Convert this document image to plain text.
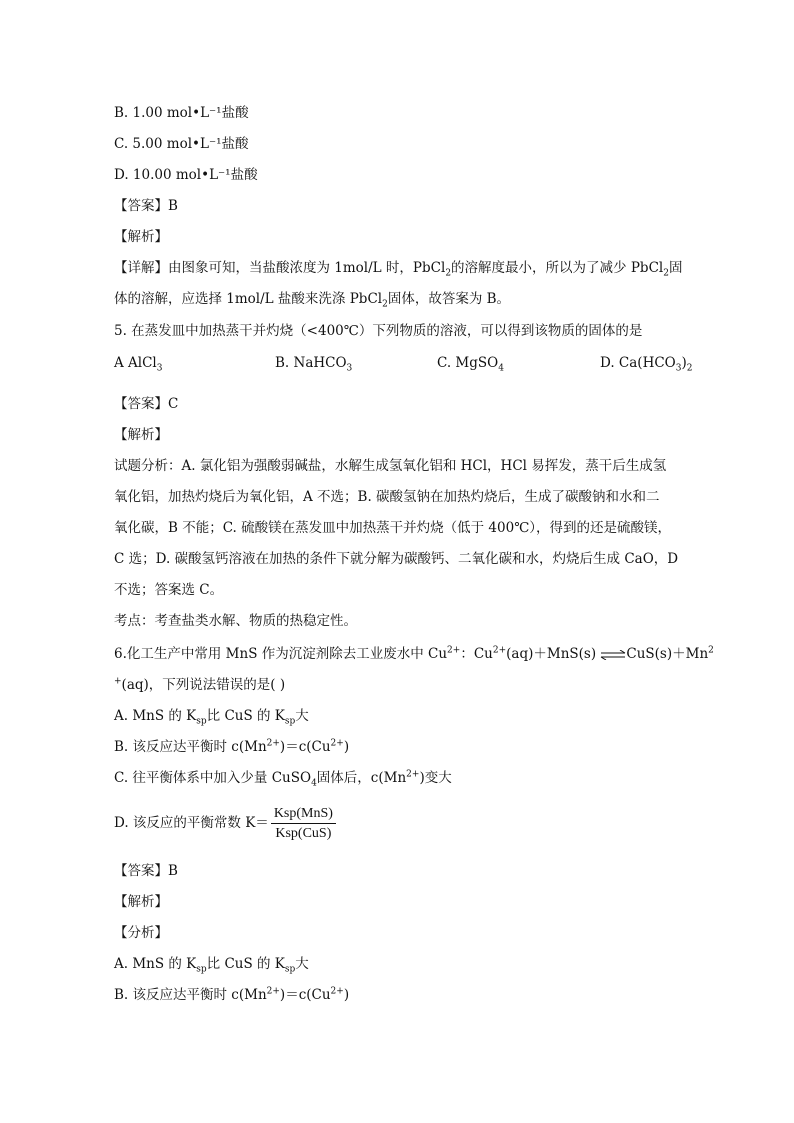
B. 1.00 mol•L⁻¹盐酸
C. 5.00 mol•L⁻¹盐酸
D. 10.00 mol•L⁻¹盐酸
【答案】B
【解析】
【详解】由图象可知，当盐酸浓度为 1mol/L 时，PbCl$_2$的溶解度最小，所以为了减少 PbCl$_2$固
体的溶解，应选择 1mol/L 盐酸来洗涤 PbCl$_2$固体，故答案为 B。
5. 在蒸发皿中加热蒸干并灼烧（<400℃）下列物质的溶液，可以得到该物质的固体的是
A AlCl$_3$	B. NaHCO$_3$	C. MgSO$_4$	D. $Ca(HCO_3)_2$
【答案】C
【解析】
试题分析：A. 氯化铝为强酸弱碱盐，水解生成氢氧化铝和 HCl，HCl 易挥发，蒸干后生成氢
氧化铝，加热灼烧后为氧化铝，A 不选；B. 碳酸氢钠在加热灼烧后，生成了碳酸钠和水和二
氧化碳，B 不能；C. 硫酸镁在蒸发皿中加热蒸干并灼烧（低于 400℃），得到的还是硫酸镁，
C 选；D. 碳酸氢钙溶液在加热的条件下就分解为碳酸钙、二氧化碳和水，灼烧后生成 CaO，D
不选；答案选 C。
考点：考查盐类水解、物质的热稳定性。
6.化工生产中常用 MnS 作为沉淀剂除去工业废水中 $Cu^{2+}$：$Cu^{2+}(aq)+MnS(s)$ $\rightleftharpoons CuS(s)+Mn^2$
+(aq)，下列说法错误的是( )
A. MnS 的 $K_{sp}$比 CuS 的 $K_{sp}$大
B. 该反应达平衡时 $c(Mn^{2+})=c(Cu^{2+})$
C. 往平衡体系中加入少量 CuSO$_4$固体后，$c(Mn^{2+})$变大
D. 该反应的平衡常数 $K= \frac{\text{Ksp(MnS)}}{\text{Ksp(CuS)}}$
【答案】B
【解析】
【分析】
A. MnS 的 $K_{sp}$比 CuS 的 $K_{sp}$大
B. 该反应达平衡时 $c(Mn^{2+})=c(Cu^{2+})$
